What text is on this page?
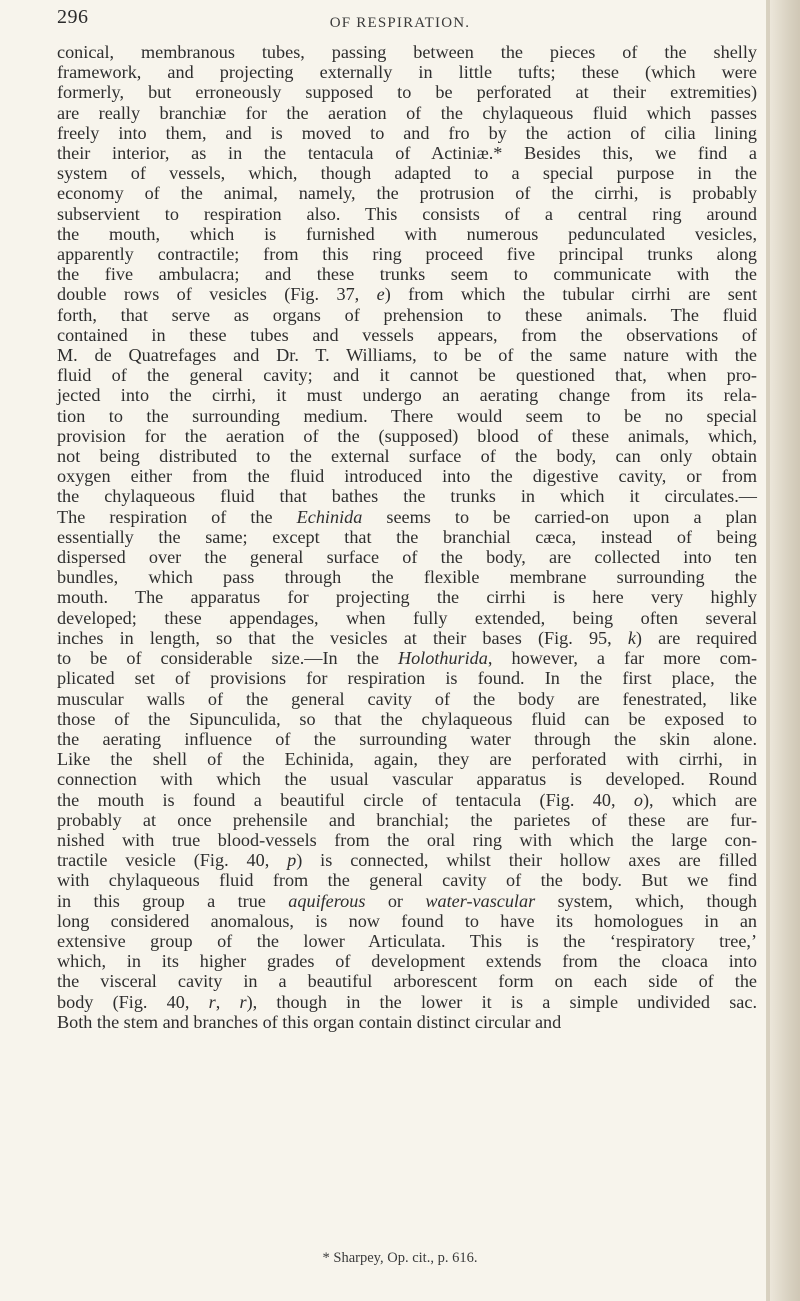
296	OF RESPIRATION.
conical, membranous tubes, passing between the pieces of the shelly
framework, and projecting externally in little tufts; these (which were
formerly, but erroneously supposed to be perforated at their extremities)
are really branchiæ for the aeration of the chylaqueous fluid which passes
freely into them, and is moved to and fro by the action of cilia lining
their interior, as in the tentacula of Actiniæ.* Besides this, we find a
system of vessels, which, though adapted to a special purpose in the
economy of the animal, namely, the protrusion of the cirrhi, is probably
subservient to respiration also. This consists of a central ring around
the mouth, which is furnished with numerous pedunculated vesicles,
apparently contractile; from this ring proceed five principal trunks along
the five ambulacra; and these trunks seem to communicate with the
double rows of vesicles (Fig. 37, e) from which the tubular cirrhi are sent
forth, that serve as organs of prehension to these animals. The fluid
contained in these tubes and vessels appears, from the observations of
M. de Quatrefages and Dr. T. Williams, to be of the same nature with the
fluid of the general cavity; and it cannot be questioned that, when pro-
jected into the cirrhi, it must undergo an aerating change from its rela-
tion to the surrounding medium. There would seem to be no special
provision for the aeration of the (supposed) blood of these animals, which,
not being distributed to the external surface of the body, can only obtain
oxygen either from the fluid introduced into the digestive cavity, or from
the chylaqueous fluid that bathes the trunks in which it circulates.—
The respiration of the Echinida seems to be carried-on upon a plan
essentially the same; except that the branchial cæca, instead of being
dispersed over the general surface of the body, are collected into ten
bundles, which pass through the flexible membrane surrounding the
mouth. The apparatus for projecting the cirrhi is here very highly
developed; these appendages, when fully extended, being often several
inches in length, so that the vesicles at their bases (Fig. 95, k) are required
to be of considerable size.—In the Holothurida, however, a far more com-
plicated set of provisions for respiration is found. In the first place, the
muscular walls of the general cavity of the body are fenestrated, like
those of the Sipunculida, so that the chylaqueous fluid can be exposed to
the aerating influence of the surrounding water through the skin alone.
Like the shell of the Echinida, again, they are perforated with cirrhi, in
connection with which the usual vascular apparatus is developed. Round
the mouth is found a beautiful circle of tentacula (Fig. 40, o), which are
probably at once prehensile and branchial; the parietes of these are fur-
nished with true blood-vessels from the oral ring with which the large con-
tractile vesicle (Fig. 40, p) is connected, whilst their hollow axes are filled
with chylaqueous fluid from the general cavity of the body. But we find
in this group a true aquiferous or water-vascular system, which, though
long considered anomalous, is now found to have its homologues in an
extensive group of the lower Articulata. This is the ‘respiratory tree,’
which, in its higher grades of development extends from the cloaca into
the visceral cavity in a beautiful arborescent form on each side of the
body (Fig. 40, r, r), though in the lower it is a simple undivided sac.
Both the stem and branches of this organ contain distinct circular and
* Sharpey, Op. cit., p. 616.
